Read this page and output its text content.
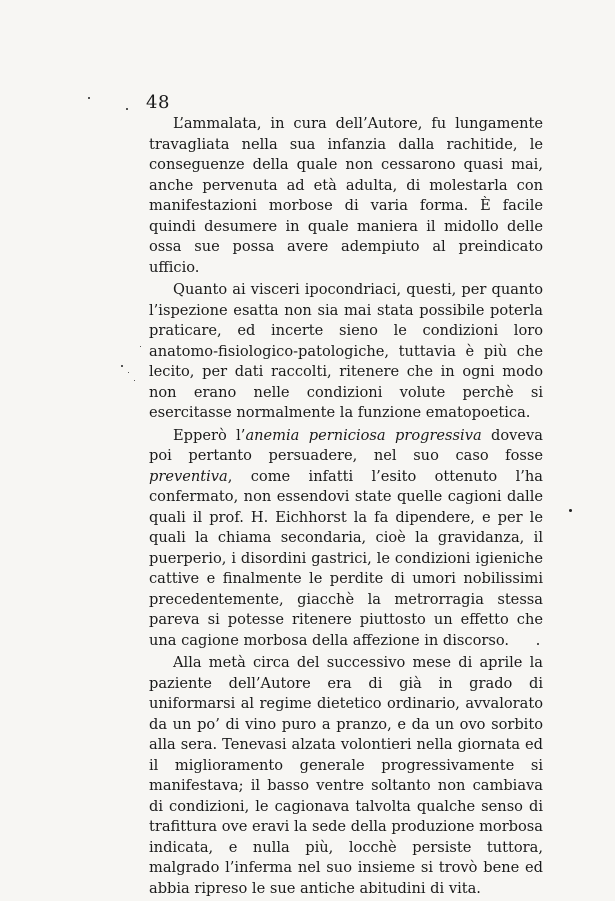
48

L’ammalata, in cura dell’Autore, fu lungamente travagliata nella sua infanzia dalla rachitide, le conseguenze della quale non cessarono quasi mai, anche pervenuta ad età adulta, di molestarla con manifestazioni morbose di varia forma. È facile quindi desumere in quale maniera il midollo delle ossa sue possa avere adempiuto al preindicato ufficio.

Quanto ai visceri ipocondriaci, questi, per quanto l’ispezione esatta non sia mai stata possibile poterla praticare, ed incerte sieno le condizioni loro anatomo-fisiologico-patologiche, tuttavia è più che lecito, per dati raccolti, ritenere che in ogni modo non erano nelle condizioni volute perchè si esercitasse normalmente la funzione ematopoetica.

Epperò l’anemia perniciosa progressiva doveva poi pertanto persuadere, nel suo caso fosse preventiva, come infatti l’esito ottenuto l’ha confermato, non essendovi state quelle cagioni dalle quali il prof. H. Eichhorst la fa dipendere, e per le quali la chiama secondaria, cioè la gravidanza, il puerperio, i disordini gastrici, le condizioni igieniche cattive e finalmente le perdite di umori nobilissimi precedentemente, giacchè la metrorragia stessa pareva si potesse ritenere piuttosto un effetto che una cagione morbosa della affezione in discorso.

Alla metà circa del successivo mese di aprile la paziente dell’Autore era di già in grado di uniformarsi al regime dietetico ordinario, avvalorato da un po’ di vino puro a pranzo, e da un ovo sorbito alla sera. Tenevasi alzata volontieri nella giornata ed il miglioramento generale progressivamente si manifestava; il basso ventre soltanto non cambiava di condizioni, le cagionava talvolta qualche senso di trafittura ove eravi la sede della produzione morbosa indicata, e nulla più, locchè persiste tuttora, malgrado l’inferma nel suo insieme si trovò bene ed abbia ripreso le sue antiche abitudini di vita.
